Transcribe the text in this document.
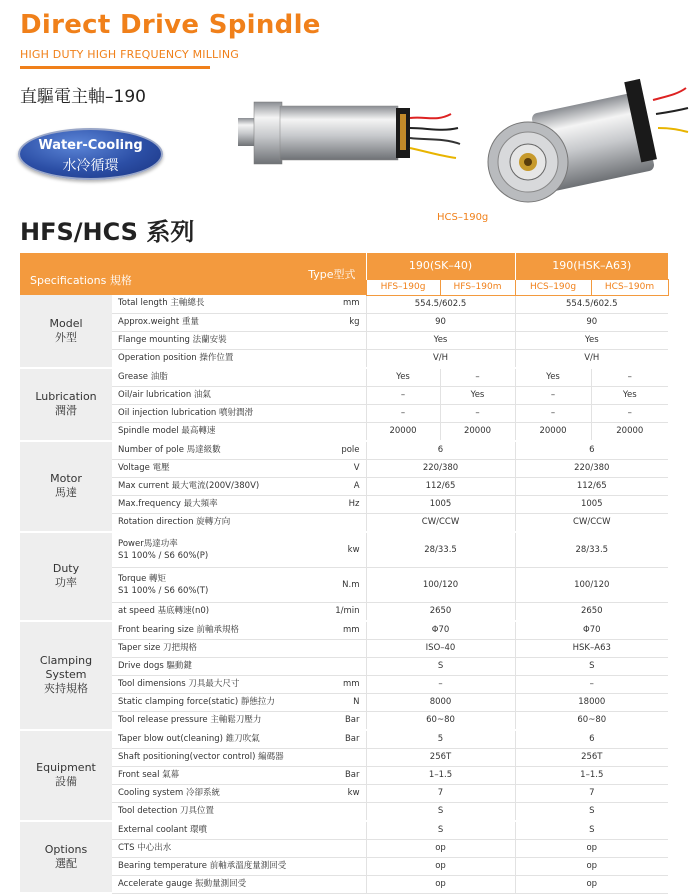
Direct Drive Spindle
HIGH DUTY HIGH FREQUENCY MILLING
直驅電主軸–190
Water-Cooling
水冷循環
HCS–190g
HFS/HCS 系列
Specifications 規格		Type型式	190(SK–40)		190(HSK–A63)	
			HFS–190g	HFS–190m	HCS–190g	HCS–190m
Model
外型	Total length 主軸總長	mm	554.5/602.5		554.5/602.5	
	Approx.weight 重量	kg	90		90	
	Flange mounting 法蘭安裝		Yes		Yes	
	Operation position 操作位置		V/H		V/H	
Lubrication
潤滑	Grease 油脂		Yes	–	Yes	–
	Oil/air lubrication 油氣		–	Yes	–	Yes
	Oil injection lubrication 噴射潤滑		–	–	–	–
	Spindle model 最高轉速		20000	20000	20000	20000
Motor
馬達	Number of pole 馬達級數	pole	6		6	
	Voltage 電壓	V	220/380		220/380	
	Max current 最大電流(200V/380V)	A	112/65		112/65	
	Max.frequency 最大頻率	Hz	1005		1005	
	Rotation direction 旋轉方向		CW/CCW		CW/CCW	
Duty
功率	Power馬達功率
S1 100% / S6 60%(P)	kw	28/33.5		28/33.5	
	Torque 轉矩
S1 100% / S6 60%(T)	N.m	100/120		100/120	
	at speed 基底轉速(n0)	1/min	2650		2650	
Clamping
System
夾持規格	Front bearing size 前軸承規格	mm	Φ70		Φ70	
	Taper size 刀把規格		ISO–40		HSK–A63	
	Drive dogs 驅動鍵		S		S	
	Tool dimensions 刀具最大尺寸	mm	–		–	
	Static clamping force(static) 靜態拉力	N	8000		18000	
	Tool release pressure 主軸鬆刀壓力	Bar	60~80		60~80	
Equipment
設備	Taper blow out(cleaning) 錐刀吹氣	Bar	5		6	
	Shaft positioning(vector control) 編碼器		256T		256T	
	Front seal 氣幕	Bar	1–1.5		1–1.5	
	Cooling system 冷卻系統	kw	7		7	
	Tool detection 刀具位置		S		S	
Options
選配	External coolant 環噴		S		S	
	CTS 中心出水		op		op	
	Bearing temperature 前軸承溫度量測回受		op		op	
	Accelerate gauge 振動量測回受		op		op	
